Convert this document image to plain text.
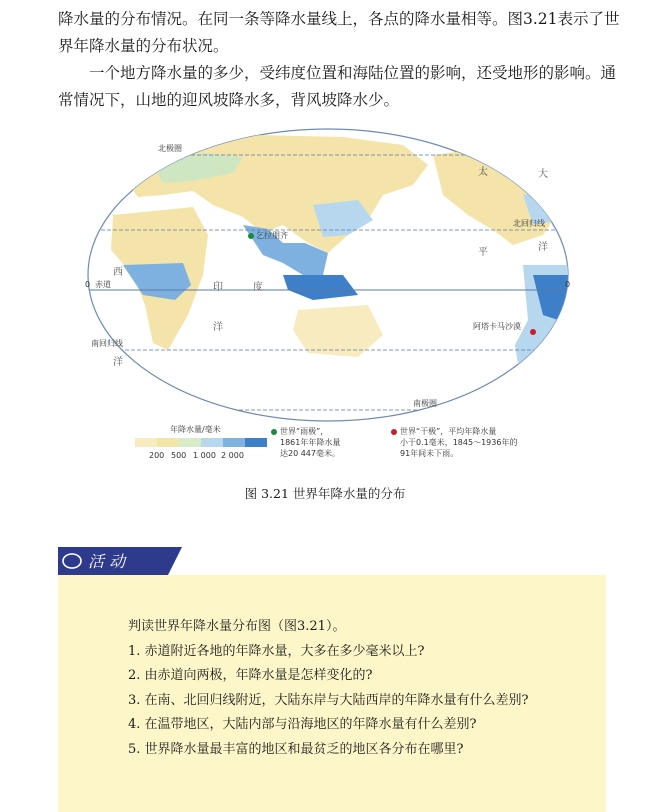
降水量的分布情况。在同一条等降水量线上，各点的降水量相等。图3.21表示了世界年降水量的分布状况。

一个地方降水量的多少，受纬度位置和海陆位置的影响，还受地形的影响。通常情况下，山地的迎风坡降水多，背风坡降水少。

太	大
平	洋
西
度
印
洋
洋
北极圈
北回归线
0 赤道	0
南回归线
南极圈
乞拉朋齐
阿塔卡马沙漠
年降水量/毫米
200 500 1 000 2 000
世界“雨极”，
1861年年降水量
达20 447毫米。
世界“干极”，平均年降水量
小于0.1毫米，1845～1936年的
91年间未下雨。
图 3.21 世界年降水量的分布
活 动
判读世界年降水量分布图（图3.21）。
1. 赤道附近各地的年降水量，大多在多少毫米以上?
2. 由赤道向两极，年降水量是怎样变化的?
3. 在南、北回归线附近，大陆东岸与大陆西岸的年降水量有什么差别?
4. 在温带地区，大陆内部与沿海地区的年降水量有什么差别?
5. 世界降水量最丰富的地区和最贫乏的地区各分布在哪里?
